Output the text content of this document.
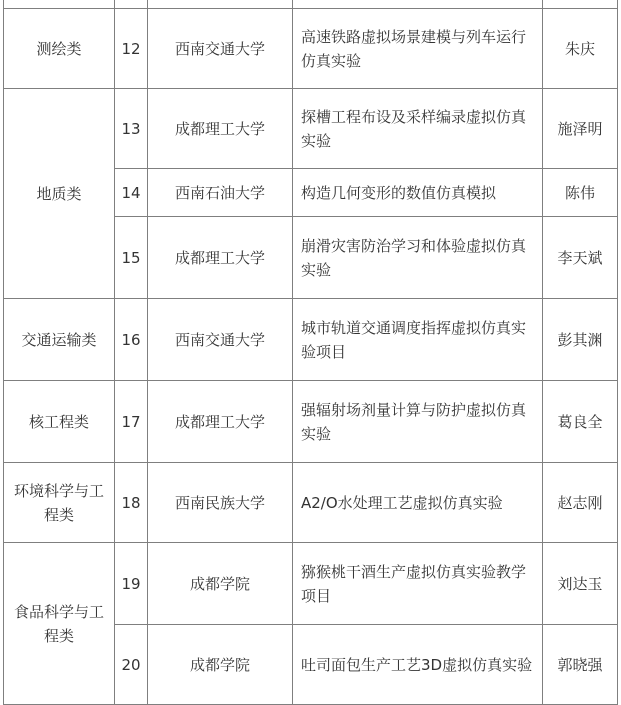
测绘类	12	西南交通大学	高速铁路虚拟场景建模与列车运行仿真实验	朱庆
地质类	13	成都理工大学	探槽工程布设及采样编录虚拟仿真实验	施泽明
	14	西南石油大学	构造几何变形的数值仿真模拟	陈伟
	15	成都理工大学	崩滑灾害防治学习和体验虚拟仿真实验	李天斌
交通运输类	16	西南交通大学	城市轨道交通调度指挥虚拟仿真实验项目	彭其渊
核工程类	17	成都理工大学	强辐射场剂量计算与防护虚拟仿真实验	葛良全
环境科学与工程类	18	西南民族大学	A2/O水处理工艺虚拟仿真实验	赵志刚
食品科学与工程类	19	成都学院	猕猴桃干酒生产虚拟仿真实验教学项目	刘达玉
	20	成都学院	吐司面包生产工艺3D虚拟仿真实验	郭晓强
